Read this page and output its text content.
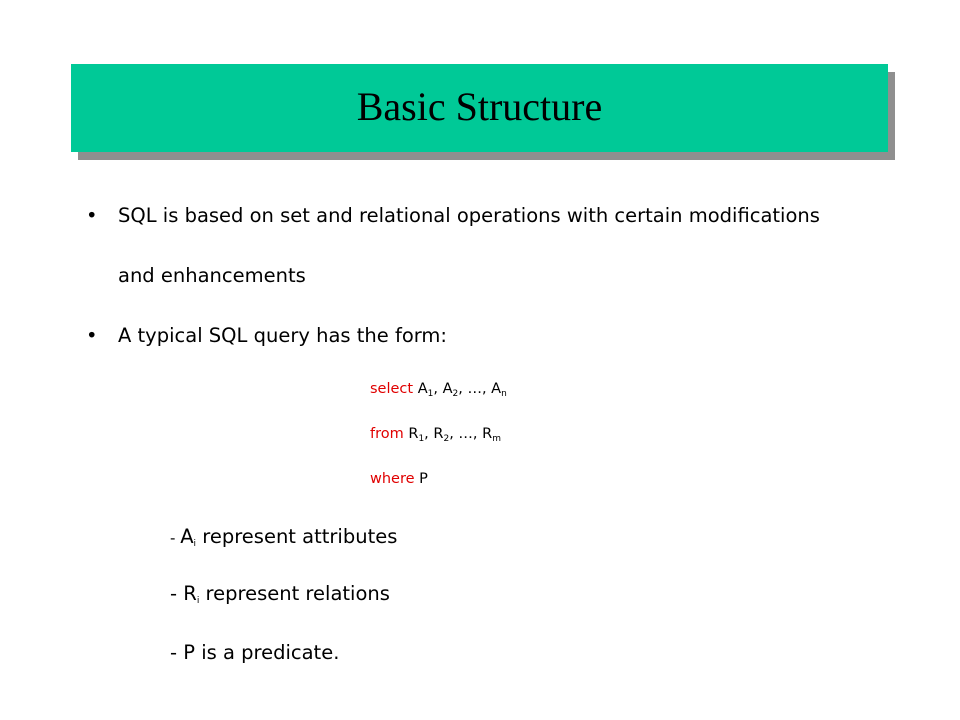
Basic Structure
• SQL is based on set and relational operations with certain modifications
and enhancements
• A typical SQL query has the form:
select $A_1$, $A_2$, …, $A_n$
from $R_1$, $R_2$, …, $R_m$
where P
- $A_i$ represent attributes
- $R_i$ represent relations
- P is a predicate.
